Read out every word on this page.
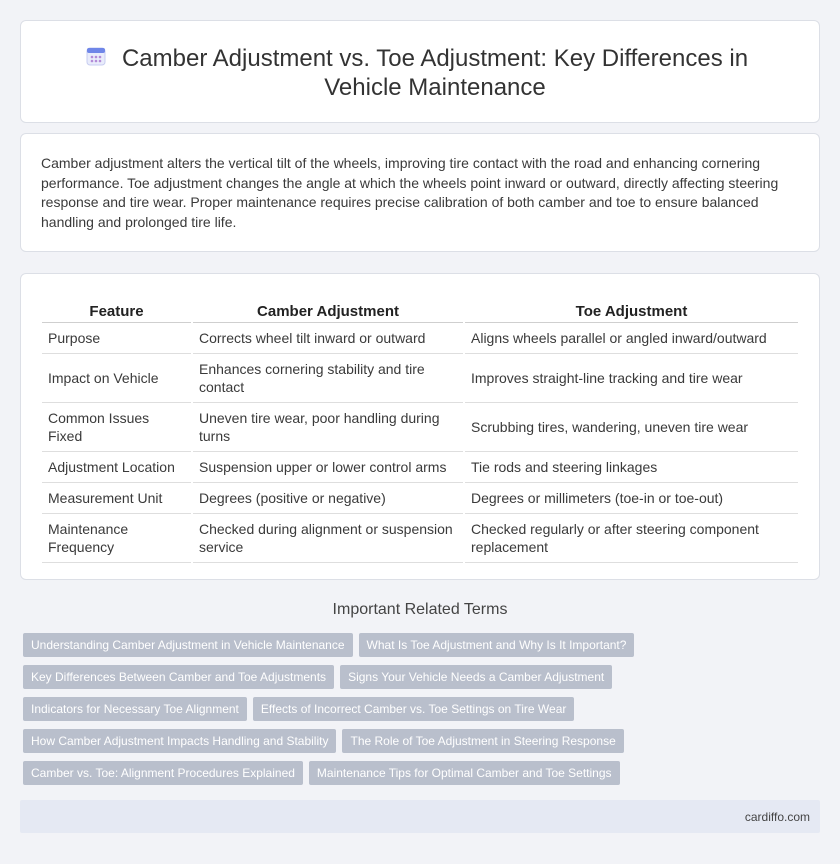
Camber Adjustment vs. Toe Adjustment: Key Differences in Vehicle Maintenance

Camber adjustment alters the vertical tilt of the wheels, improving tire contact with the road and enhancing cornering performance. Toe adjustment changes the angle at which the wheels point inward or outward, directly affecting steering response and tire wear. Proper maintenance requires precise calibration of both camber and toe to ensure balanced handling and prolonged tire life.

Feature	Camber Adjustment	Toe Adjustment
Purpose	Corrects wheel tilt inward or outward	Aligns wheels parallel or angled inward/outward
Impact on Vehicle	Enhances cornering stability and tire contact	Improves straight-line tracking and tire wear
Common Issues Fixed	Uneven tire wear, poor handling during turns	Scrubbing tires, wandering, uneven tire wear
Adjustment Location	Suspension upper or lower control arms	Tie rods and steering linkages
Measurement Unit	Degrees (positive or negative)	Degrees or millimeters (toe-in or toe-out)
Maintenance Frequency	Checked during alignment or suspension service	Checked regularly or after steering component replacement
Important Related Terms
Understanding Camber Adjustment in Vehicle Maintenance	What Is Toe Adjustment and Why Is It Important?
Key Differences Between Camber and Toe Adjustments	Signs Your Vehicle Needs a Camber Adjustment
Indicators for Necessary Toe Alignment	Effects of Incorrect Camber vs. Toe Settings on Tire Wear
How Camber Adjustment Impacts Handling and Stability	The Role of Toe Adjustment in Steering Response
Camber vs. Toe: Alignment Procedures Explained	Maintenance Tips for Optimal Camber and Toe Settings
cardiffo.com
